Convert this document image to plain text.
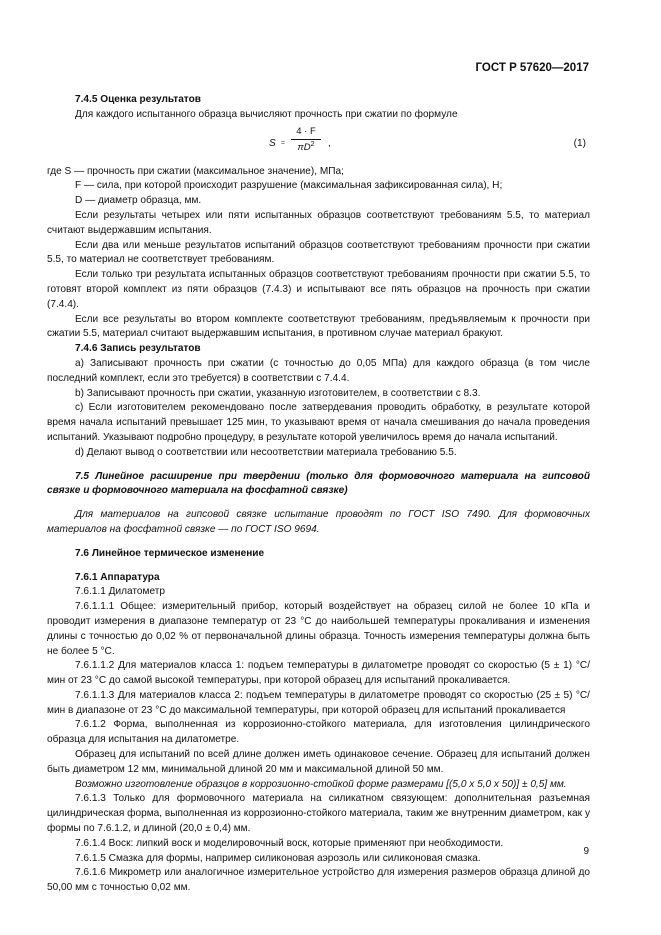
ГОСТ Р 57620—2017

7.4.5 Оценка результатов

Для каждого испытанного образца вычисляют прочность при сжатии по формуле

$S = \frac{4 \cdot F}{\pi D^2}$ ,	(1)

где S — прочность при сжатии (максимальное значение), МПа;

F — сила, при которой происходит разрушение (максимальная зафиксированная сила), Н;

D — диаметр образца, мм.

Если результаты четырех или пяти испытанных образцов соответствуют требованиям 5.5, то материал считают выдержавшим испытания.

Если два или меньше результатов испытаний образцов соответствуют требованиям прочности при сжатии 5.5, то материал не соответствует требованиям.

Если только три результата испытанных образцов соответствуют требованиям прочности при сжатии 5.5, то готовят второй комплект из пяти образцов (7.4.3) и испытывают все пять образцов на прочность при сжатии (7.4.4).

Если все результаты во втором комплекте соответствуют требованиям, предъявляемым к прочности при сжатии 5.5, материал считают выдержавшим испытания, в противном случае материал бракуют.

7.4.6 Запись результатов

а) Записывают прочность при сжатии (с точностью до 0,05 МПа) для каждого образца (в том числе последний комплект, если это требуется) в соответствии с 7.4.4.

b) Записывают прочность при сжатии, указанную изготовителем, в соответствии с 8.3.

с) Если изготовителем рекомендовано после затвердевания проводить обработку, в результате которой время начала испытаний превышает 125 мин, то указывают время от начала смешивания до начала проведения испытаний. Указывают подробно процедуру, в результате которой увеличилось время до начала испытаний.

d) Делают вывод о соответствии или несоответствии материала требованию 5.5.

7.5 Линейное расширение при твердении (только для формовочного материала на гипсовой связке и формовочного материала на фосфатной связке)

Для материалов на гипсовой связке испытание проводят по ГОСТ ISO 7490. Для формовочных материалов на фосфатной связке — по ГОСТ ISO 9694.

7.6 Линейное термическое изменение

7.6.1 Аппаратура

7.6.1.1 Дилатометр

7.6.1.1.1 Общее: измерительный прибор, который воздействует на образец силой не более 10 кПа и проводит измерения в диапазоне температур от 23 °С до наибольшей температуры прокаливания и изменения длины с точностью до 0,02 % от первоначальной длины образца. Точность измерения температуры должна быть не более 5 °С.

7.6.1.1.2 Для материалов класса 1: подъем температуры в дилатометре проводят со скоростью (5 ± 1) °С/мин от 23 °С до самой высокой температуры, при которой образец для испытаний прокаливается.

7.6.1.1.3 Для материалов класса 2: подъем температуры в дилатометре проводят со скоростью (25 ± 5) °С/мин в диапазоне от 23 °С до максимальной температуры, при которой образец для испытаний прокаливается

7.6.1.2 Форма, выполненная из коррозионно-стойкого материала, для изготовления цилиндрического образца для испытания на дилатометре.

Образец для испытаний по всей длине должен иметь одинаковое сечение. Образец для испытаний должен быть диаметром 12 мм, минимальной длиной 20 мм и максимальной длиной 50 мм.

Возможно изготовление образцов в коррозионно-стойкой форме размерами [(5,0 х 5,0 х 50)] ± 0,5] мм.

7.6.1.3 Только для формовочного материала на силикатном связующем: дополнительная разъемная цилиндрическая форма, выполненная из коррозионно-стойкого материала, таким же внутренним диаметром, как у формы по 7.6.1.2, и длиной (20,0 ± 0,4) мм.

7.6.1.4 Воск: липкий воск и моделировочный воск, которые применяют при необходимости.

7.6.1.5 Смазка для формы, например силиконовая аэрозоль или силиконовая смазка.

7.6.1.6 Микрометр или аналогичное измерительное устройство для измерения размеров образца длиной до 50,00 мм с точностью 0,02 мм.

9
